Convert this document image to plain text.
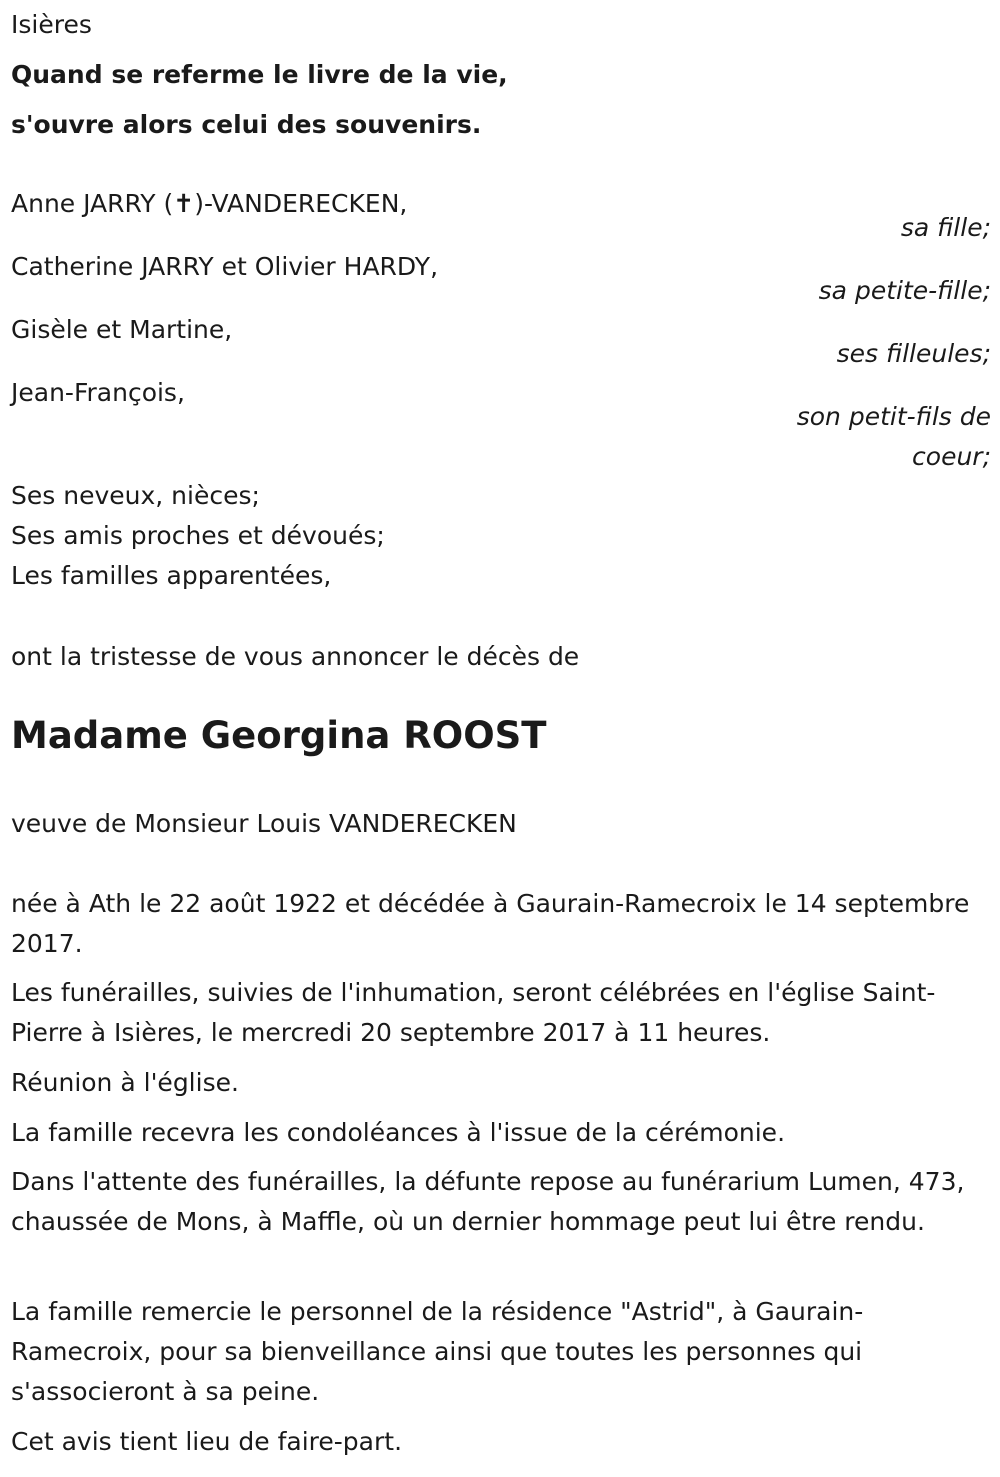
Isières
Quand se referme le livre de la vie,
s'ouvre alors celui des souvenirs.
Anne JARRY (✝)-VANDERECKEN,
sa fille;
Catherine JARRY et Olivier HARDY,
sa petite-fille;
Gisèle et Martine,
ses filleules;
Jean-François,
son petit-fils de
coeur;
Ses neveux, nièces;
Ses amis proches et dévoués;
Les familles apparentées,
ont la tristesse de vous annoncer le décès de
Madame Georgina ROOST
veuve de Monsieur Louis VANDERECKEN
née à Ath le 22 août 1922 et décédée à Gaurain-Ramecroix le 14 septembre 2017.
Les funérailles, suivies de l'inhumation, seront célébrées en l'église Saint-Pierre à Isières, le mercredi 20 septembre 2017 à 11 heures.
Réunion à l'église.
La famille recevra les condoléances à l'issue de la cérémonie.
Dans l'attente des funérailles, la défunte repose au funérarium Lumen, 473, chaussée de Mons, à Maffle, où un dernier hommage peut lui être rendu.
La famille remercie le personnel de la résidence "Astrid", à Gaurain-Ramecroix, pour sa bienveillance ainsi que toutes les personnes qui s'associeront à sa peine.
Cet avis tient lieu de faire-part.
